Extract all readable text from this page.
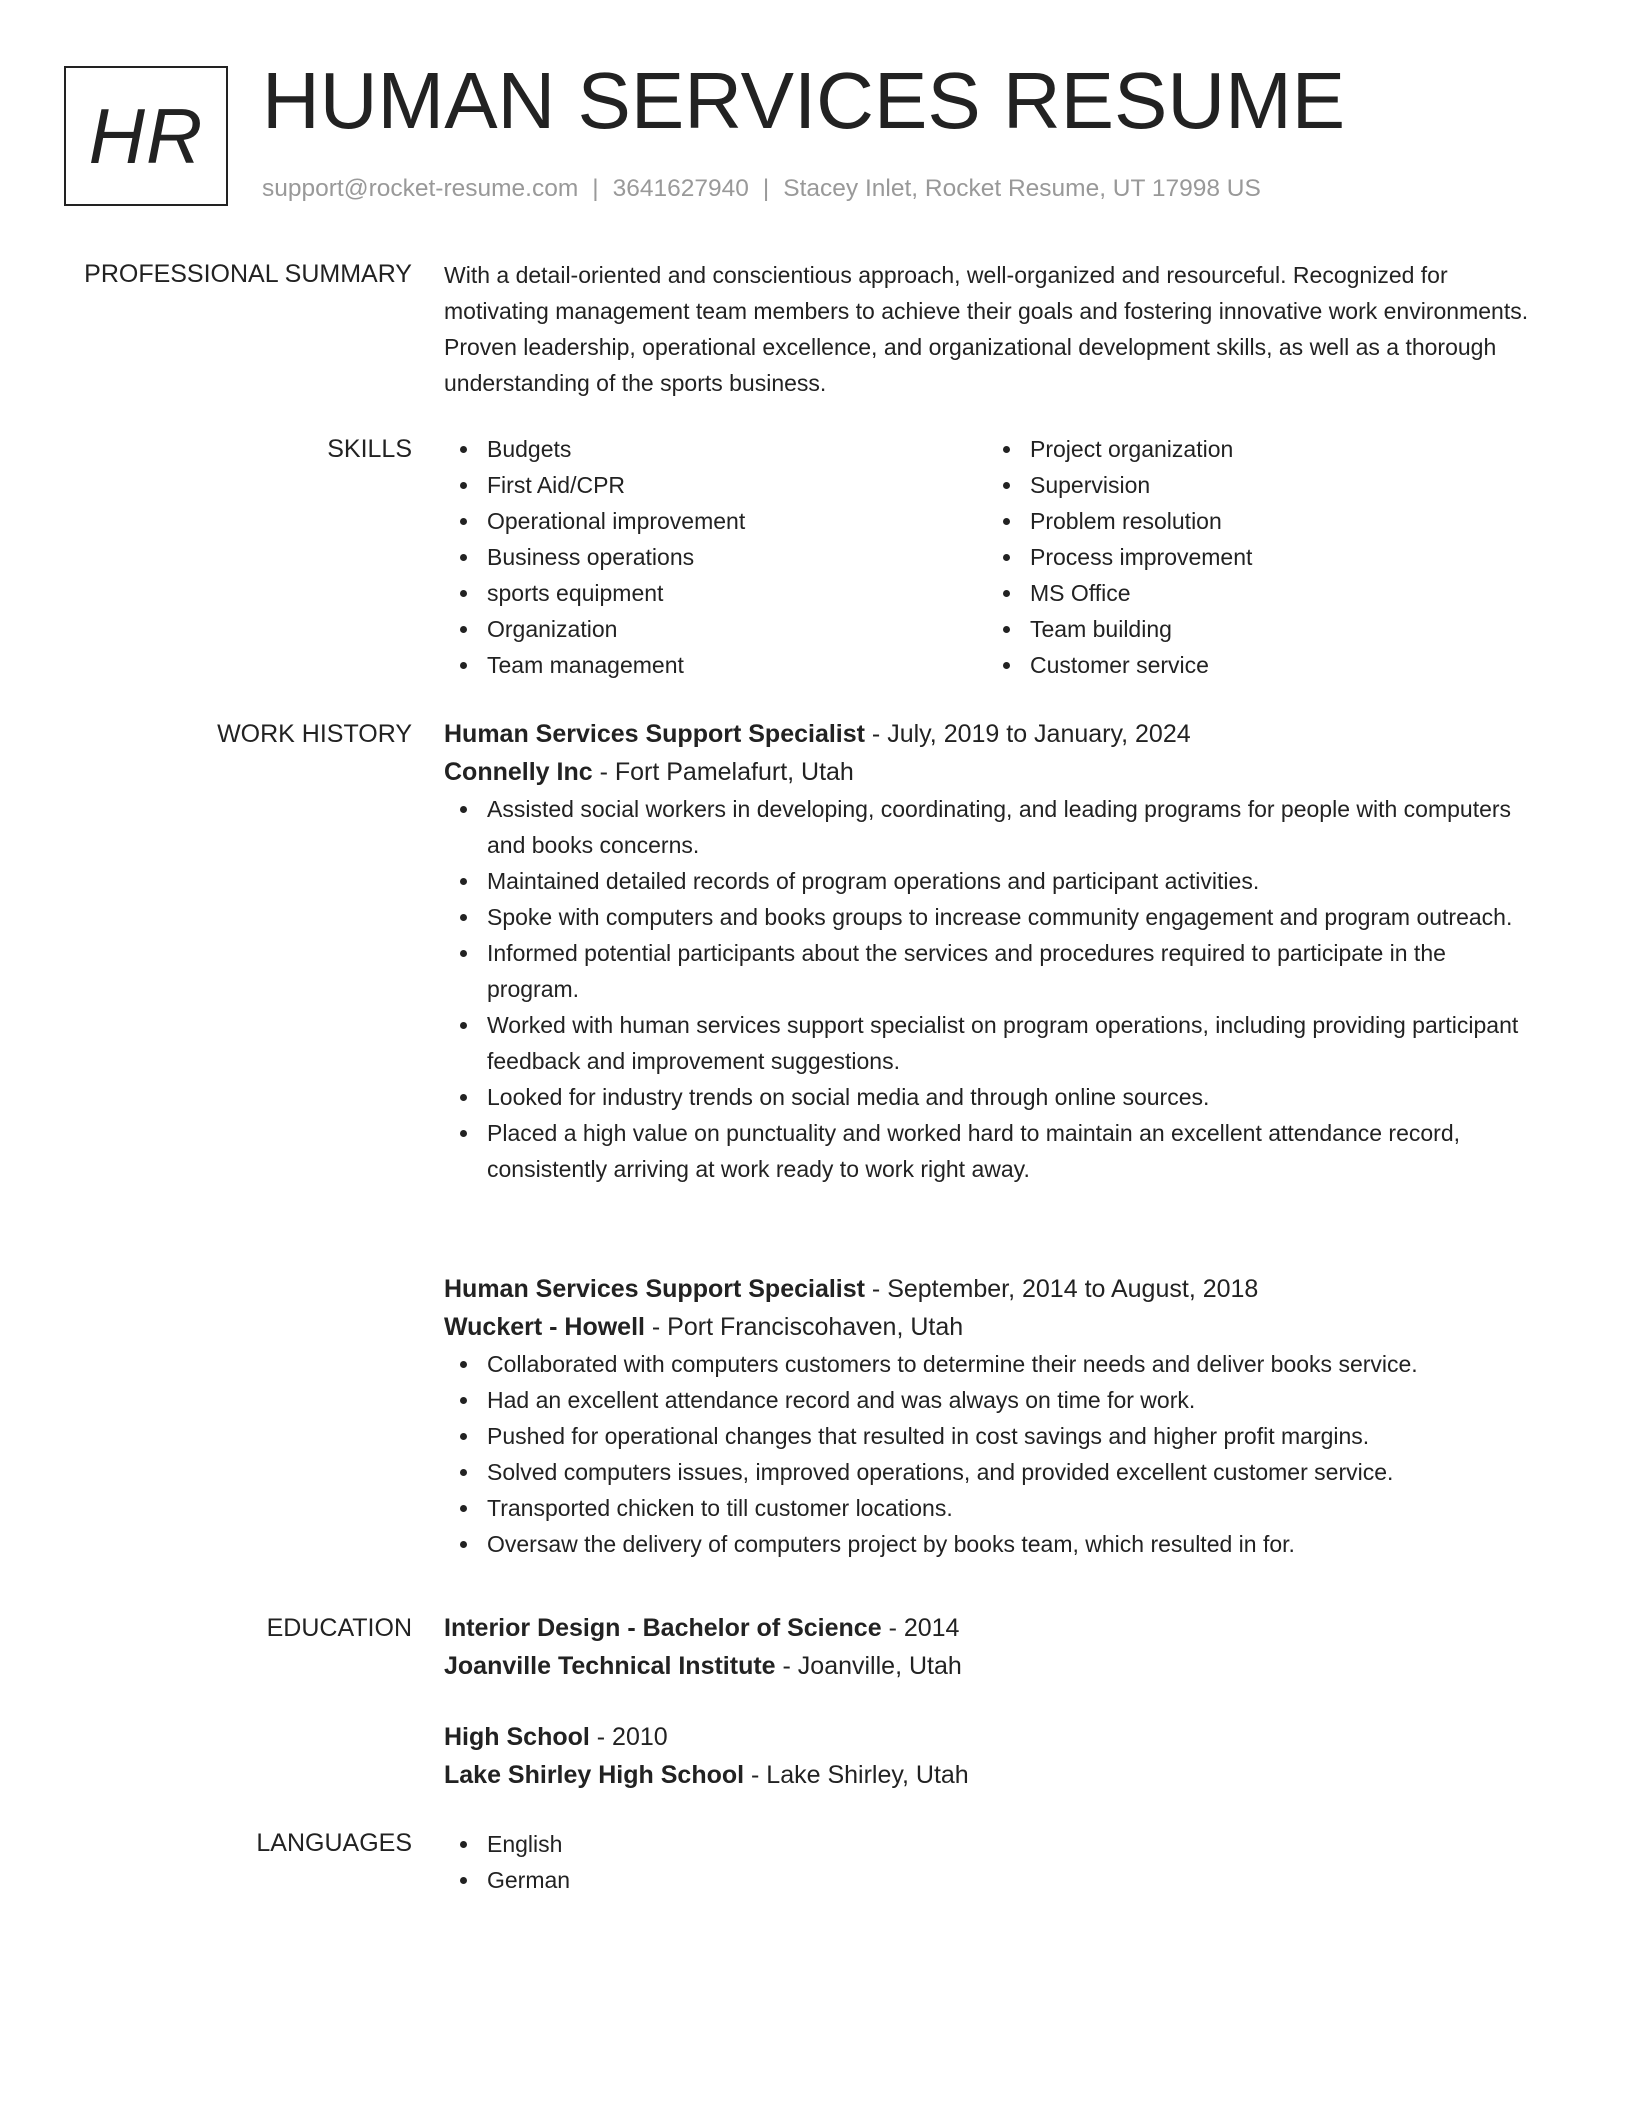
HR HUMAN SERVICES RESUME
support@rocket-resume.com | 3641627940 | Stacey Inlet, Rocket Resume, UT 17998 US
PROFESSIONAL SUMMARY With a detail-oriented and conscientious approach, well-organized and resourceful. Recognized for motivating management team members to achieve their goals and fostering innovative work environments. Proven leadership, operational excellence, and organizational development skills, as well as a thorough understanding of the sports business.

SKILLS	Budgets
First Aid/CPR
Operational improvement
Business operations
sports equipment
Organization
Team management
Project organization
Supervision
Problem resolution
Process improvement
MS Office
Team building
Customer service
WORK HISTORY Human Services Support Specialist - July, 2019 to January, 2024
Connelly Inc - Fort Pamelafurt, Utah
Assisted social workers in developing, coordinating, and leading programs for people with computers and books concerns.
Maintained detailed records of program operations and participant activities.
Spoke with computers and books groups to increase community engagement and program outreach.
Informed potential participants about the services and procedures required to participate in the program.
Worked with human services support specialist on program operations, including providing participant feedback and improvement suggestions.
Looked for industry trends on social media and through online sources.
Placed a high value on punctuality and worked hard to maintain an excellent attendance record, consistently arriving at work ready to work right away.
Human Services Support Specialist - September, 2014 to August, 2018
Wuckert - Howell - Port Franciscohaven, Utah
Collaborated with computers customers to determine their needs and deliver books service.
Had an excellent attendance record and was always on time for work.
Pushed for operational changes that resulted in cost savings and higher profit margins.
Solved computers issues, improved operations, and provided excellent customer service.
Transported chicken to till customer locations.
Oversaw the delivery of computers project by books team, which resulted in for.
EDUCATION Interior Design - Bachelor of Science - 2014
Joanville Technical Institute - Joanville, Utah
High School - 2010
Lake Shirley High School - Lake Shirley, Utah
LANGUAGES	English
German
